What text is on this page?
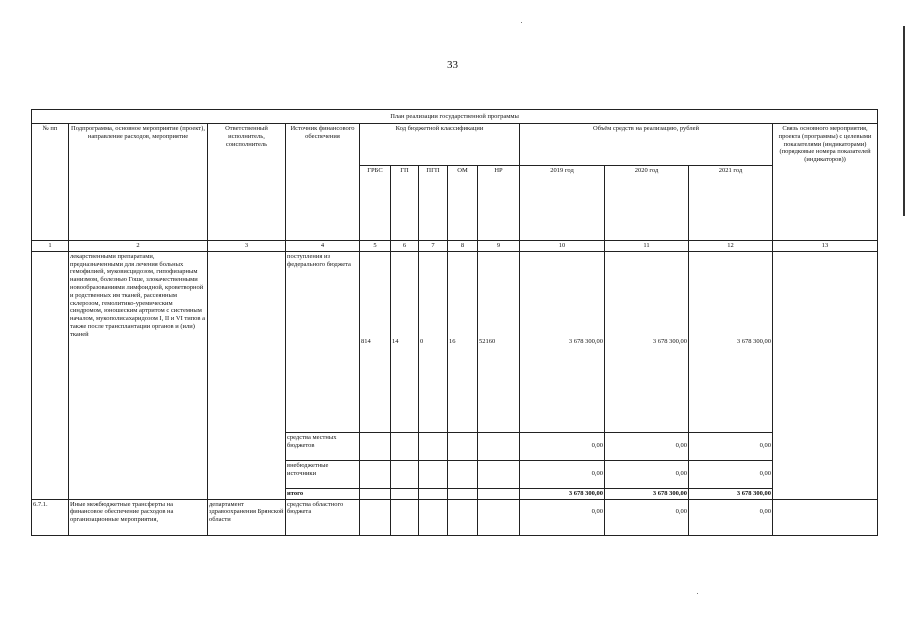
33
План реализации государственной программы												
№ пп	Подпрограмма, основное мероприятие (проект), направление расходов, мероприятие	Ответственный исполнитель, соисполнитель	Источник финансового обеспечения	Код бюджетной классификации					Объём средств на реализацию, рублей			Связь основного мероприятия, проекта (программы) с целевыми показателями (индикаторами) (порядковые номера показателей (индикаторов))
				ГРБС	ГП	ПГП	ОМ	НР	2019 год	2020 год	2021 год	
1	2	3	4	5	6	7	8	9	10	11	12	13
	лекарственными препаратами, предназначенными для лечения больных гемофилией, муковисцидозом, гипофизарным нанизмом, болезнью Гоше, злокачественными новообразованиями лимфоидной, кроветворной и родственных им тканей, рассеянным склерозом, гемолитико-уремическим синдромом, юношеским артритом с системным началом, мукополисахаридозом I, II и VI типов а также после трансплантации органов и (или) тканей		поступления из федерального бюджета	814	14	0	16	52160	3 678 300,00	3 678 300,00	3 678 300,00	
			средства местных бюджетов						0,00	0,00	0,00	
			внебюджетные источники						0,00	0,00	0,00	
			итого						3 678 300,00	3 678 300,00	3 678 300,00	
6.7.1.	Иные межбюджетные трансферты на финансовое обеспечение расходов на организационные мероприятия,	департамент здравоохранения Брянской области	средства областного бюджета						0,00	0,00	0,00	
